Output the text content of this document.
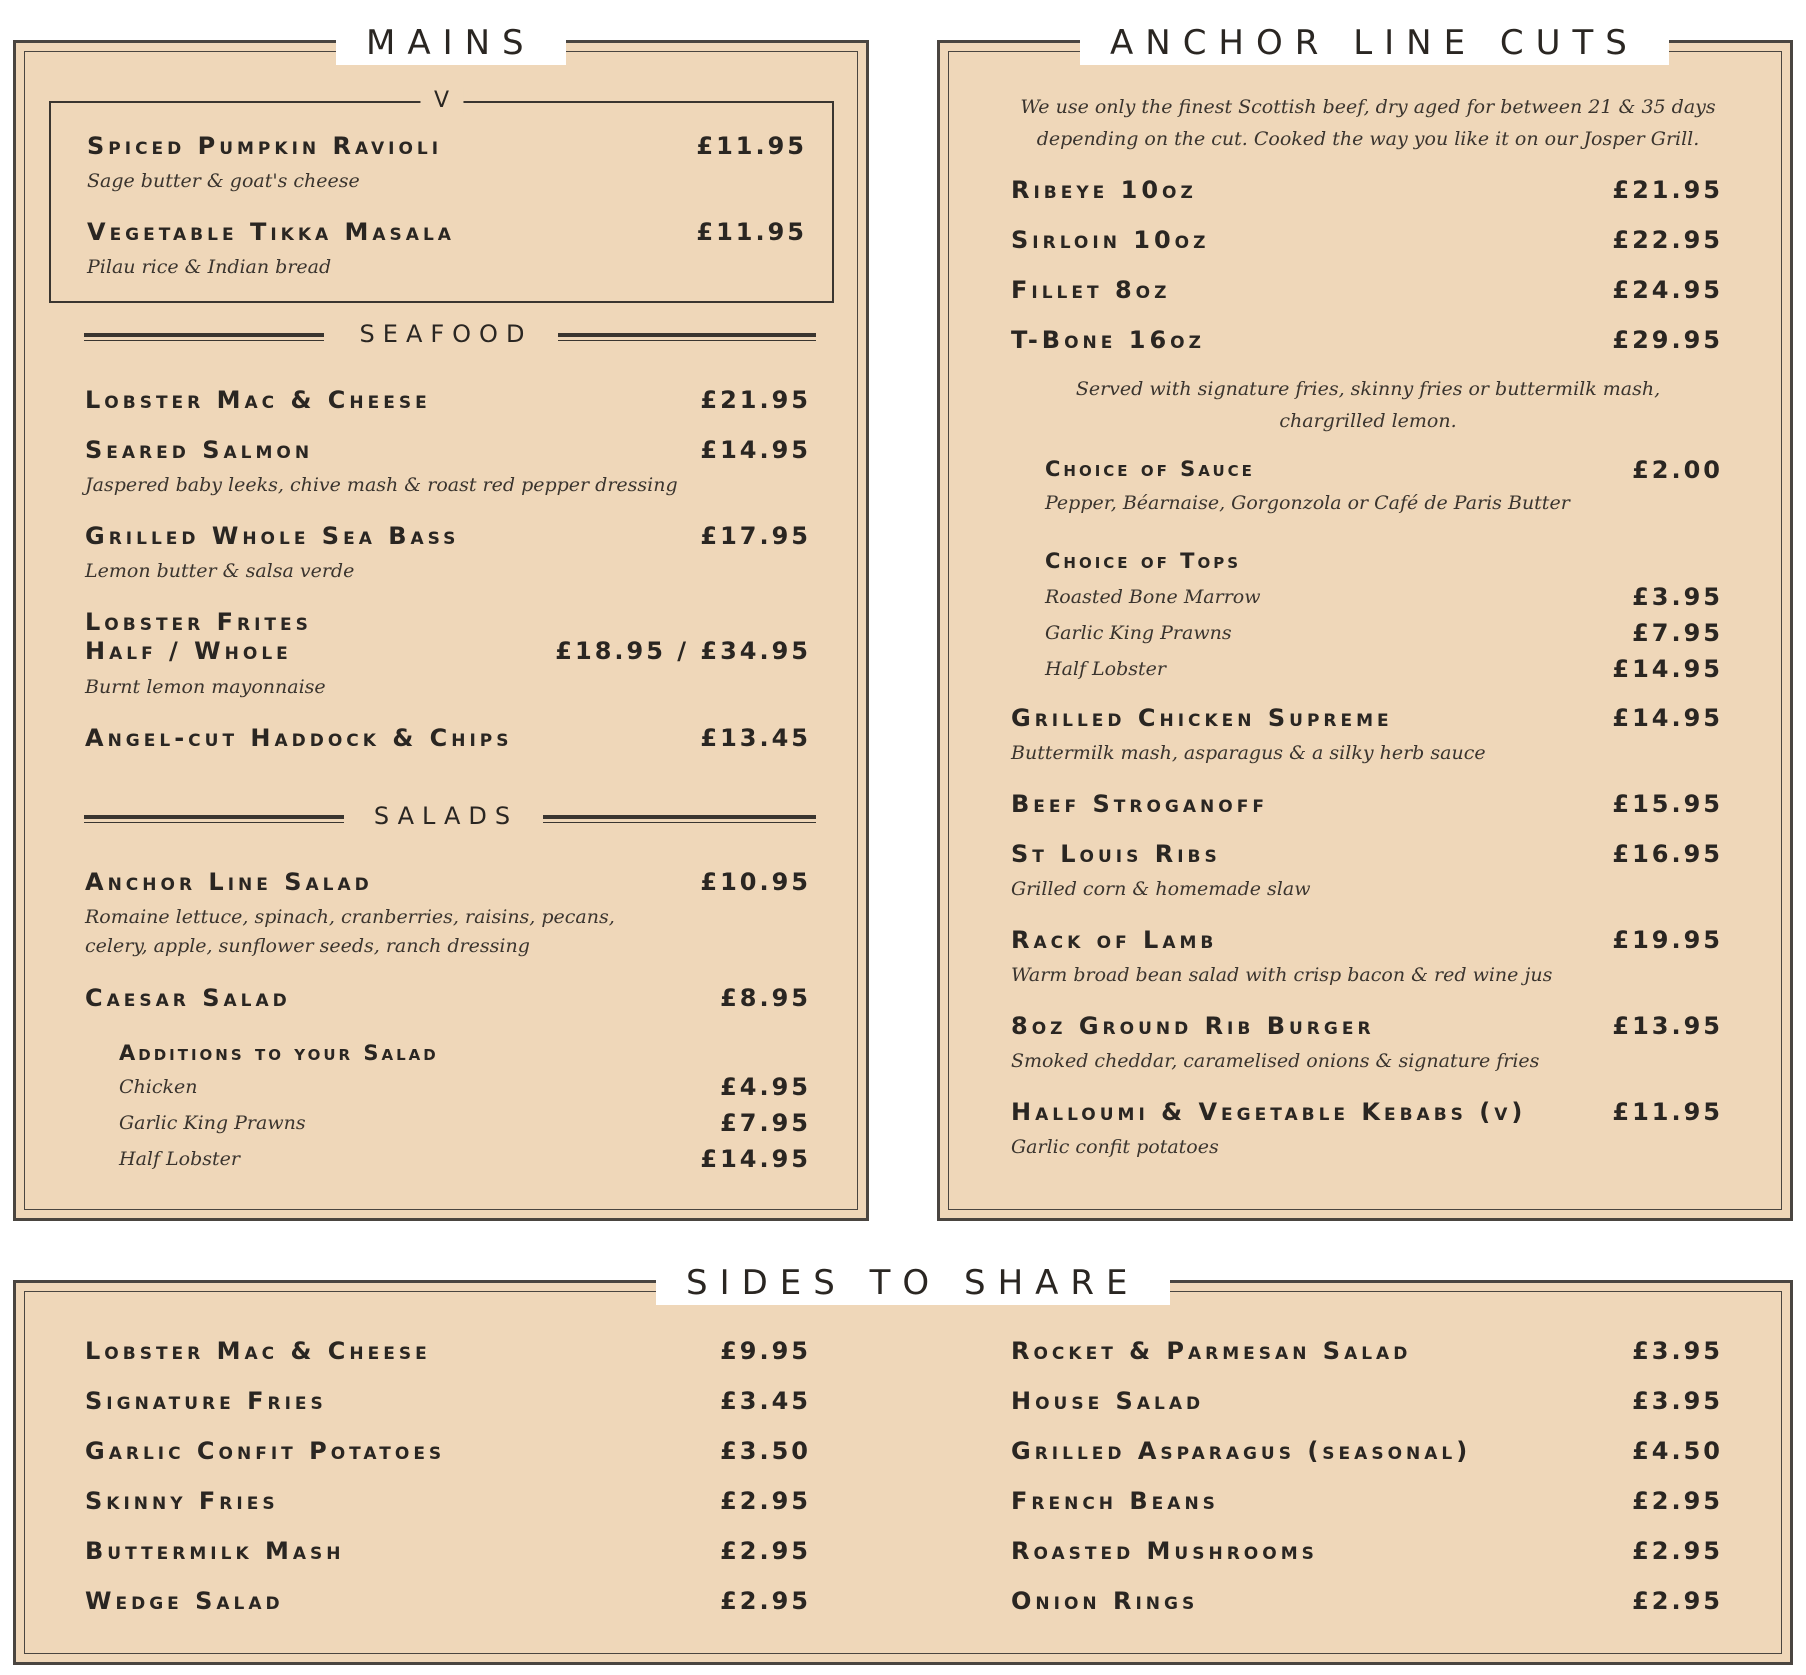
MAINS
V
Spiced Pumpkin Ravioli	£11.95
Sage butter & goat's cheese
Vegetable Tikka Masala	£11.95
Pilau rice & Indian bread
SEAFOOD
Lobster Mac & Cheese	£21.95
Seared Salmon	£14.95
Jaspered baby leeks, chive mash & roast red pepper dressing
Grilled Whole Sea Bass	£17.95
Lemon butter & salsa verde
Lobster Frites
Half / Whole	£18.95 / £34.95
Burnt lemon mayonnaise
Angel-cut Haddock & Chips	£13.45
SALADS
Anchor Line Salad	£10.95
Romaine lettuce, spinach, cranberries, raisins, pecans,
celery, apple, sunflower seeds, ranch dressing
Caesar Salad	£8.95
Additions to your Salad
Chicken	£4.95
Garlic King Prawns	£7.95
Half Lobster	£14.95
ANCHOR LINE CUTS
We use only the finest Scottish beef, dry aged for between 21 & 35 days
depending on the cut. Cooked the way you like it on our Josper Grill.
Ribeye 10oz	£21.95
Sirloin 10oz	£22.95
Fillet 8oz	£24.95
T-Bone 16oz	£29.95
Served with signature fries, skinny fries or buttermilk mash,
chargrilled lemon.
Choice of Sauce	£2.00
Pepper, Béarnaise, Gorgonzola or Café de Paris Butter
Choice of Tops
Roasted Bone Marrow	£3.95
Garlic King Prawns	£7.95
Half Lobster	£14.95
Grilled Chicken Supreme	£14.95
Buttermilk mash, asparagus & a silky herb sauce
Beef Stroganoff	£15.95
St Louis Ribs	£16.95
Grilled corn & homemade slaw
Rack of Lamb	£19.95
Warm broad bean salad with crisp bacon & red wine jus
8oz Ground Rib Burger	£13.95
Smoked cheddar, caramelised onions & signature fries
Halloumi & Vegetable Kebabs (v)	£11.95
Garlic confit potatoes
SIDES TO SHARE
Lobster Mac & Cheese	£9.95
Signature Fries	£3.45
Garlic Confit Potatoes	£3.50
Skinny Fries	£2.95
Buttermilk Mash	£2.95
Wedge Salad	£2.95
Rocket & Parmesan Salad	£3.95
House Salad	£3.95
Grilled Asparagus (seasonal)	£4.50
French Beans	£2.95
Roasted Mushrooms	£2.95
Onion Rings	£2.95
